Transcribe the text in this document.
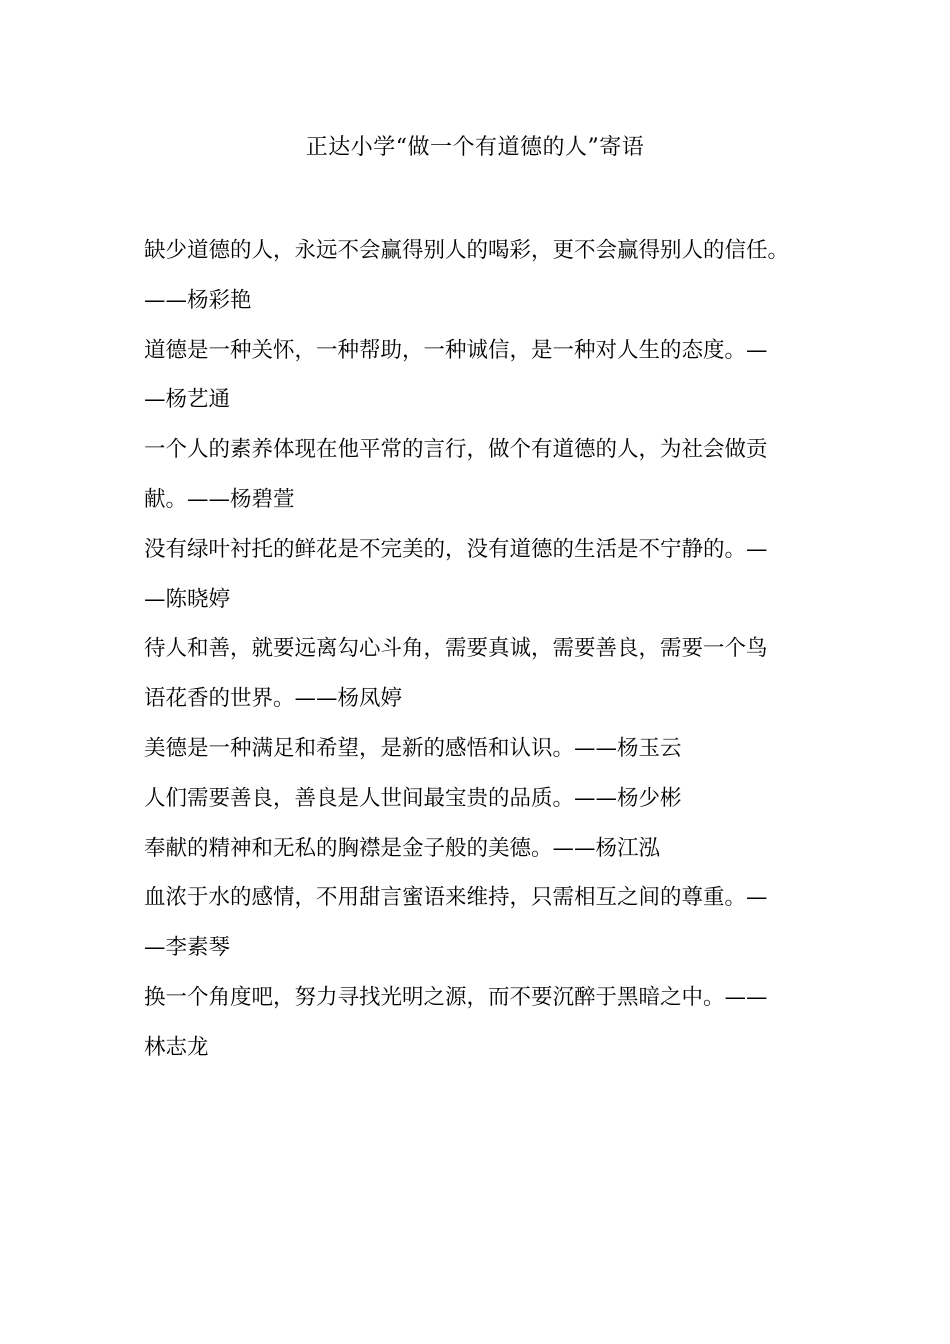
正达小学“做一个有道德的人”寄语
缺少道德的人，永远不会赢得别人的喝彩，更不会赢得别人的信任。
——杨彩艳
道德是一种关怀，一种帮助，一种诚信，是一种对人生的态度。—
—杨艺通
一个人的素养体现在他平常的言行，做个有道德的人，为社会做贡
献。——杨碧萱
没有绿叶衬托的鲜花是不完美的，没有道德的生活是不宁静的。—
—陈晓婷
待人和善，就要远离勾心斗角，需要真诚，需要善良，需要一个鸟
语花香的世界。——杨凤婷
美德是一种满足和希望，是新的感悟和认识。——杨玉云
人们需要善良，善良是人世间最宝贵的品质。——杨少彬
奉献的精神和无私的胸襟是金子般的美德。——杨江泓
血浓于水的感情，不用甜言蜜语来维持，只需相互之间的尊重。—
—李素琴
换一个角度吧，努力寻找光明之源，而不要沉醉于黑暗之中。——
林志龙
